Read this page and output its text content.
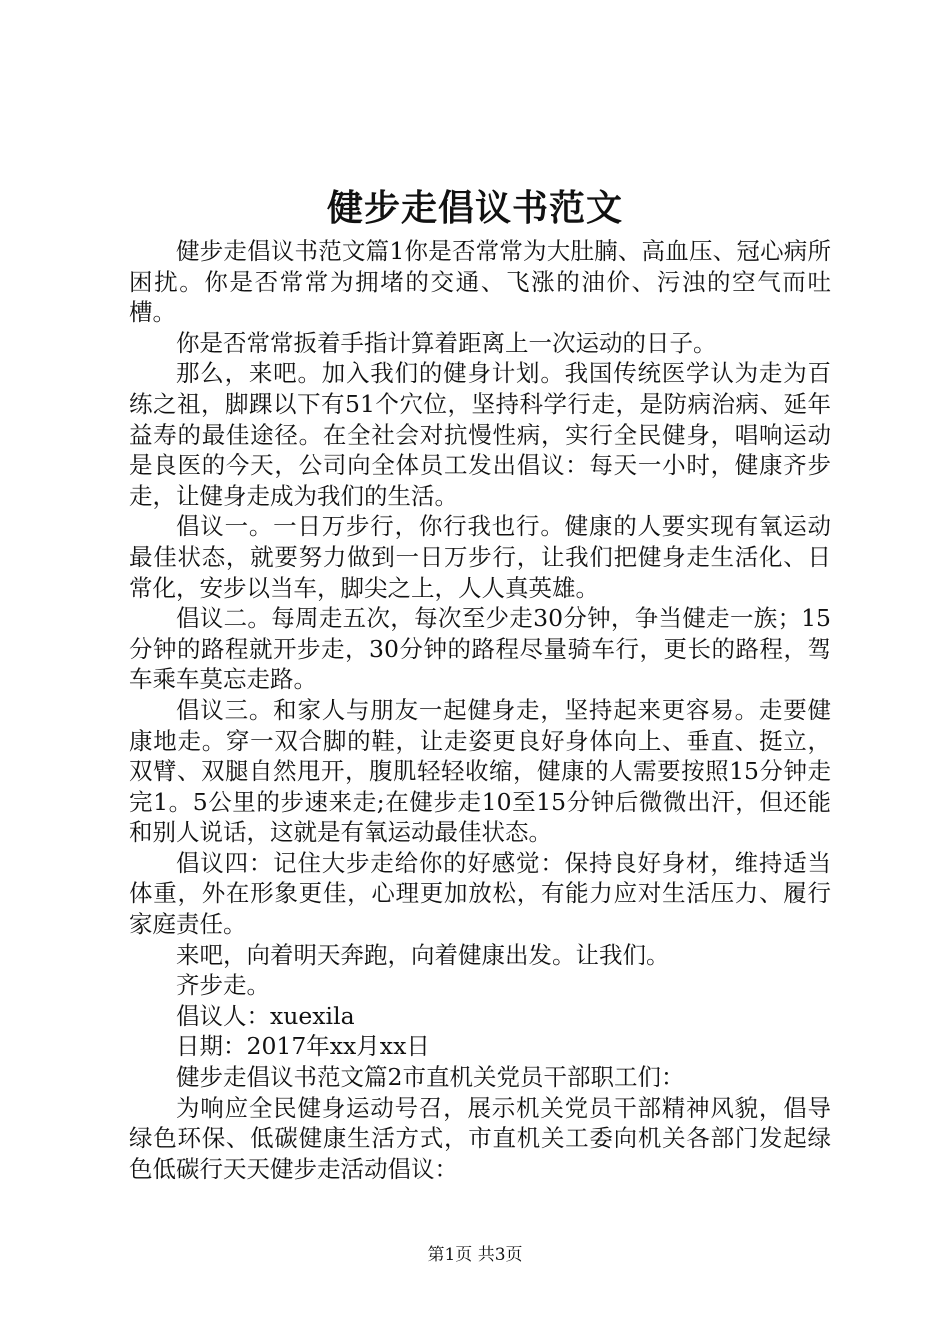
健步走倡议书范文

健步走倡议书范文篇1你是否常常为大肚腩、高血压、冠心病所困扰。你是否常常为拥堵的交通、飞涨的油价、污浊的空气而吐槽。

你是否常常扳着手指计算着距离上一次运动的日子。

那么，来吧。加入我们的健身计划。我国传统医学认为走为百练之祖，脚踝以下有51个穴位，坚持科学行走，是防病治病、延年益寿的最佳途径。在全社会对抗慢性病，实行全民健身，唱响运动是良医的今天，公司向全体员工发出倡议：每天一小时，健康齐步走，让健身走成为我们的生活。

倡议一。一日万步行，你行我也行。健康的人要实现有氧运动最佳状态，就要努力做到一日万步行，让我们把健身走生活化、日常化，安步以当车，脚尖之上，人人真英雄。

倡议二。每周走五次，每次至少走30分钟，争当健走一族；15分钟的路程就开步走，30分钟的路程尽量骑车行，更长的路程，驾车乘车莫忘走路。

倡议三。和家人与朋友一起健身走，坚持起来更容易。走要健康地走。穿一双合脚的鞋，让走姿更良好身体向上、垂直、挺立，双臂、双腿自然甩开，腹肌轻轻收缩，健康的人需要按照15分钟走完1。5公里的步速来走;在健步走10至15分钟后微微出汗，但还能和别人说话，这就是有氧运动最佳状态。

倡议四：记住大步走给你的好感觉：保持良好身材，维持适当体重，外在形象更佳，心理更加放松，有能力应对生活压力、履行家庭责任。

来吧，向着明天奔跑，向着健康出发。让我们。

齐步走。

倡议人：xuexila

日期：2017年xx月xx日

健步走倡议书范文篇2市直机关党员干部职工们：

为响应全民健身运动号召，展示机关党员干部精神风貌，倡导绿色环保、低碳健康生活方式，市直机关工委向机关各部门发起绿色低碳行天天健步走活动倡议：

第1页 共3页
